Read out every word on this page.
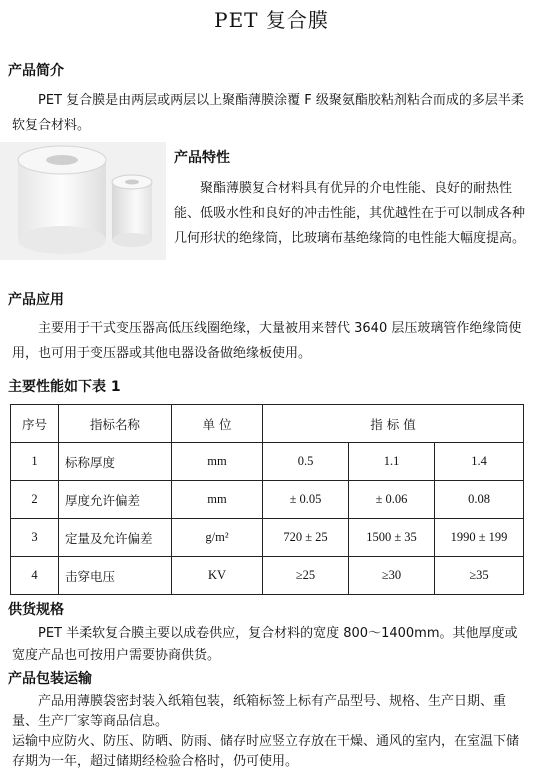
PET 复合膜
产品简介
PET 复合膜是由两层或两层以上聚酯薄膜涂覆 F 级聚氨酯胶粘剂粘合而成的多层半柔软复合材料。
产品特性
聚酯薄膜复合材料具有优异的介电性能、良好的耐热性能、低吸水性和良好的冲击性能，其优越性在于可以制成各种几何形状的绝缘筒，比玻璃布基绝缘筒的电性能大幅度提高。
产品应用
主要用于干式变压器高低压线圈绝缘，大量被用来替代 3640 层压玻璃管作绝缘筒使用，也可用于变压器或其他电器设备做绝缘板使用。
主要性能如下表 1
序号	指标名称	单 位	指 标 值		
1	标称厚度	mm	0.5	1.1	1.4
2	厚度允许偏差	mm	± 0.05	± 0.06	0.08
3	定量及允许偏差	g/m²	720 ± 25	1500 ± 35	1990 ± 199
4	击穿电压	KV	≥25	≥30	≥35
供货规格
PET 半柔软复合膜主要以成卷供应，复合材料的宽度 800～1400mm。其他厚度或宽度产品也可按用户需要协商供货。
产品包装运输
产品用薄膜袋密封装入纸箱包装，纸箱标签上标有产品型号、规格、生产日期、重量、生产厂家等商品信息。
运输中应防火、防压、防晒、防雨、储存时应竖立存放在干燥、通风的室内，在室温下储存期为一年，超过储期经检验合格时，仍可使用。
